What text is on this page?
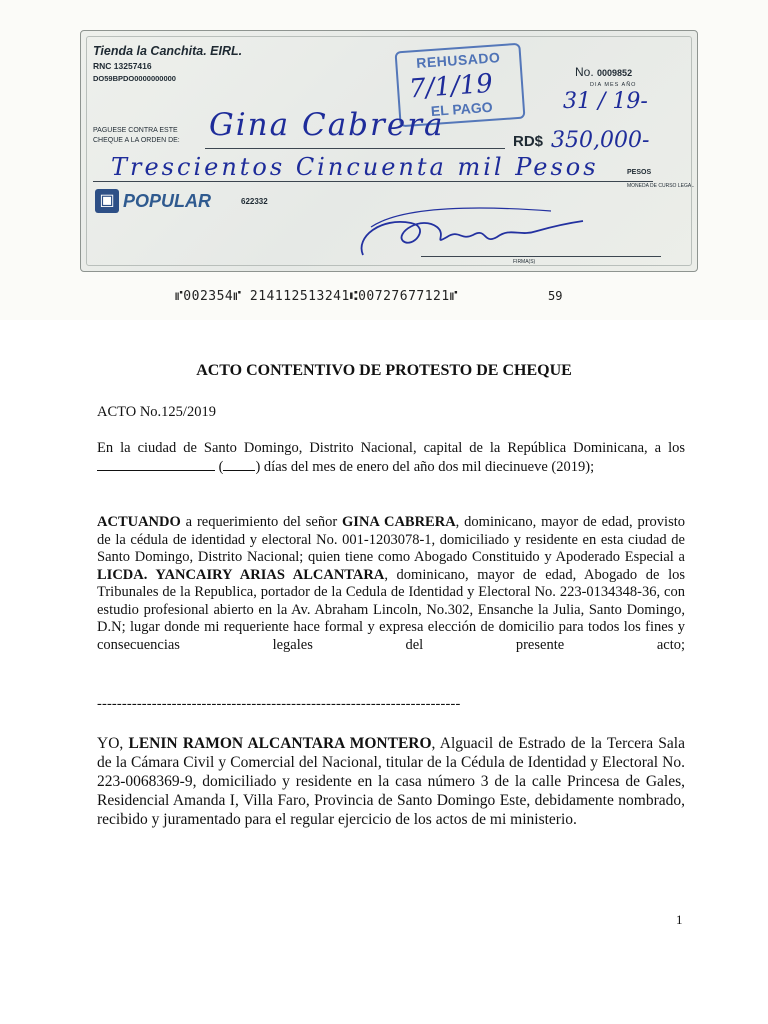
Tienda la Canchita. EIRL.
RNC 13257416
DO59BPDO0000000000
REHUSADO
7/1/19
EL PAGO
No. 0009852
DIA MES AÑO
31 / 19-
PAGUESE CONTRA ESTE
CHEQUE A LA ORDEN DE: Gina Cabrera	RD$ 350,000-
Trescientos Cincuenta mil Pesos	PESOS
MONEDA DE CURSO LEGAL
▣ POPULAR	622332
FIRMA(S)
⑈002354⑈ 214112513241⑆00727677121⑈	59
ACTO CONTENTIVO DE PROTESTO DE CHEQUE
ACTO No.125/2019
En la ciudad de Santo Domingo, Distrito Nacional, capital de la República Dominicana, a los  ( ) días del mes de enero del año dos mil diecinueve (2019);
ACTUANDO a requerimiento del señor GINA CABRERA, dominicano, mayor de edad, provisto de la cédula de identidad y electoral No. 001-1203078-1, domiciliado y residente en esta ciudad de Santo Domingo, Distrito Nacional; quien tiene como Abogado Constituido y Apoderado Especial a LICDA. YANCAIRY ARIAS ALCANTARA, dominicano, mayor de edad, Abogado de los Tribunales de la Republica, portador de la Cedula de Identidad y Electoral No. 223-0134348-36, con estudio profesional abierto en la Av. Abraham Lincoln, No.302, Ensanche la Julia, Santo Domingo, D.N; lugar donde mi requeriente hace formal y expresa elección de domicilio para todos los fines y consecuencias legales del presente acto;
-------------------------------------------------------------------------
YO, LENIN RAMON ALCANTARA MONTERO, Alguacil de Estrado de la Tercera Sala de la Cámara Civil y Comercial del Nacional, titular de la Cédula de Identidad y Electoral No. 223-0068369-9, domiciliado y residente en la casa número 3 de la calle Princesa de Gales, Residencial Amanda I, Villa Faro, Provincia de Santo Domingo Este, debidamente nombrado, recibido y juramentado para el regular ejercicio de los actos de mi ministerio.
1
